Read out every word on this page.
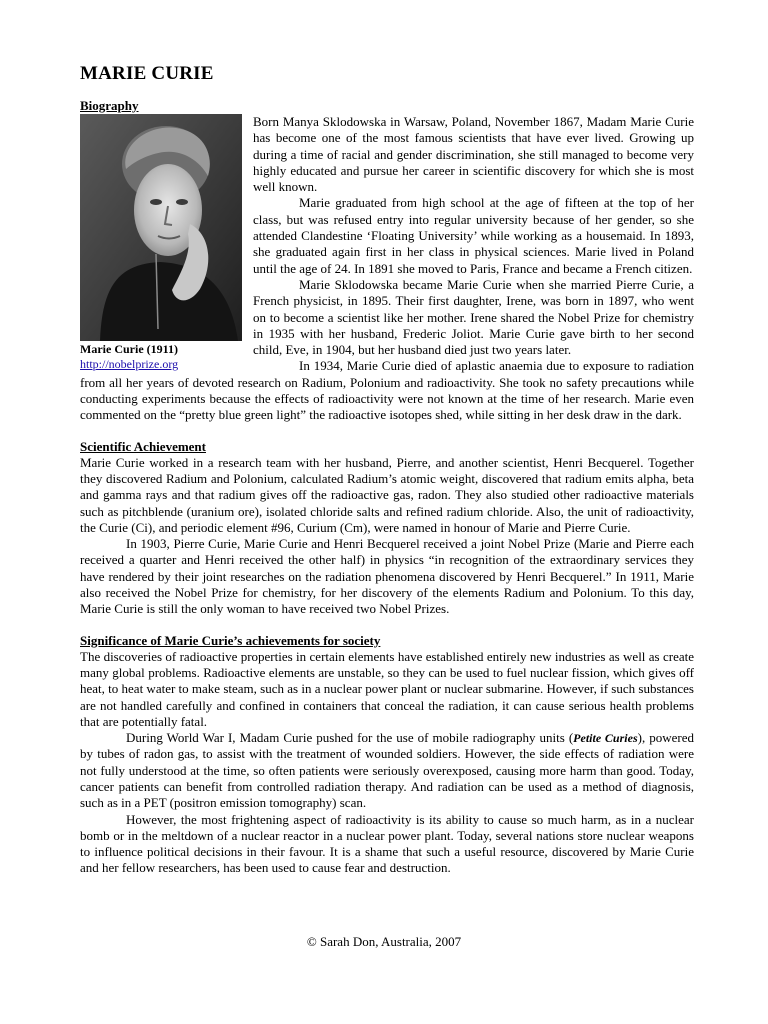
MARIE CURIE
Biography
Marie Curie (1911)
http://nobelprize.org

Born Manya Sklodowska in Warsaw, Poland, November 1867, Madam Marie Curie has become one of the most famous scientists that have ever lived. Growing up during a time of racial and gender discrimination, she still managed to become very highly educated and pursue her career in scientific discovery for which she is most well known.

Marie graduated from high school at the age of fifteen at the top of her class, but was refused entry into regular university because of her gender, so she attended Clandestine ‘Floating University’ while working as a housemaid. In 1893, she graduated again first in her class in physical sciences. Marie lived in Poland until the age of 24. In 1891 she moved to Paris, France and became a French citizen.

Marie Sklodowska became Marie Curie when she married Pierre Curie, a French physicist, in 1895. Their first daughter, Irene, was born in 1897, who went on to become a scientist like her mother. Irene shared the Nobel Prize for chemistry in 1935 with her husband, Frederic Joliot. Marie Curie gave birth to her second child, Eve, in 1904, but her husband died just two years later.

In 1934, Marie Curie died of aplastic anaemia due to exposure to radiation from all her years of devoted research on Radium, Polonium and radioactivity. She took no safety precautions while conducting experiments because the effects of radioactivity were not known at the time of her research. Marie even commented on the “pretty blue green light” the radioactive isotopes shed, while sitting in her desk draw in the dark.

Scientific Achievement

Marie Curie worked in a research team with her husband, Pierre, and another scientist, Henri Becquerel. Together they discovered Radium and Polonium, calculated Radium’s atomic weight, discovered that radium emits alpha, beta and gamma rays and that radium gives off the radioactive gas, radon. They also studied other radioactive materials such as pitchblende (uranium ore), isolated chloride salts and refined radium chloride. Also, the unit of radioactivity, the Curie (Ci), and periodic element #96, Curium (Cm), were named in honour of Marie and Pierre Curie.

In 1903, Pierre Curie, Marie Curie and Henri Becquerel received a joint Nobel Prize (Marie and Pierre each received a quarter and Henri received the other half) in physics “in recognition of the extraordinary services they have rendered by their joint researches on the radiation phenomena discovered by Henri Becquerel.” In 1911, Marie also received the Nobel Prize for chemistry, for her discovery of the elements Radium and Polonium. To this day, Marie Curie is still the only woman to have received two Nobel Prizes.

Significance of Marie Curie’s achievements for society

The discoveries of radioactive properties in certain elements have established entirely new industries as well as create many global problems. Radioactive elements are unstable, so they can be used to fuel nuclear fission, which gives off heat, to heat water to make steam, such as in a nuclear power plant or nuclear submarine. However, if such substances are not handled carefully and confined in containers that conceal the radiation, it can cause serious health problems that are potentially fatal.

During World War I, Madam Curie pushed for the use of mobile radiography units (Petite Curies), powered by tubes of radon gas, to assist with the treatment of wounded soldiers. However, the side effects of radiation were not fully understood at the time, so often patients were seriously overexposed, causing more harm than good. Today, cancer patients can benefit from controlled radiation therapy. And radiation can be used as a method of diagnosis, such as in a PET (positron emission tomography) scan.

However, the most frightening aspect of radioactivity is its ability to cause so much harm, as in a nuclear bomb or in the meltdown of a nuclear reactor in a nuclear power plant. Today, several nations store nuclear weapons to influence political decisions in their favour. It is a shame that such a useful resource, discovered by Marie Curie and her fellow researchers, has been used to cause fear and destruction.

© Sarah Don, Australia, 2007
